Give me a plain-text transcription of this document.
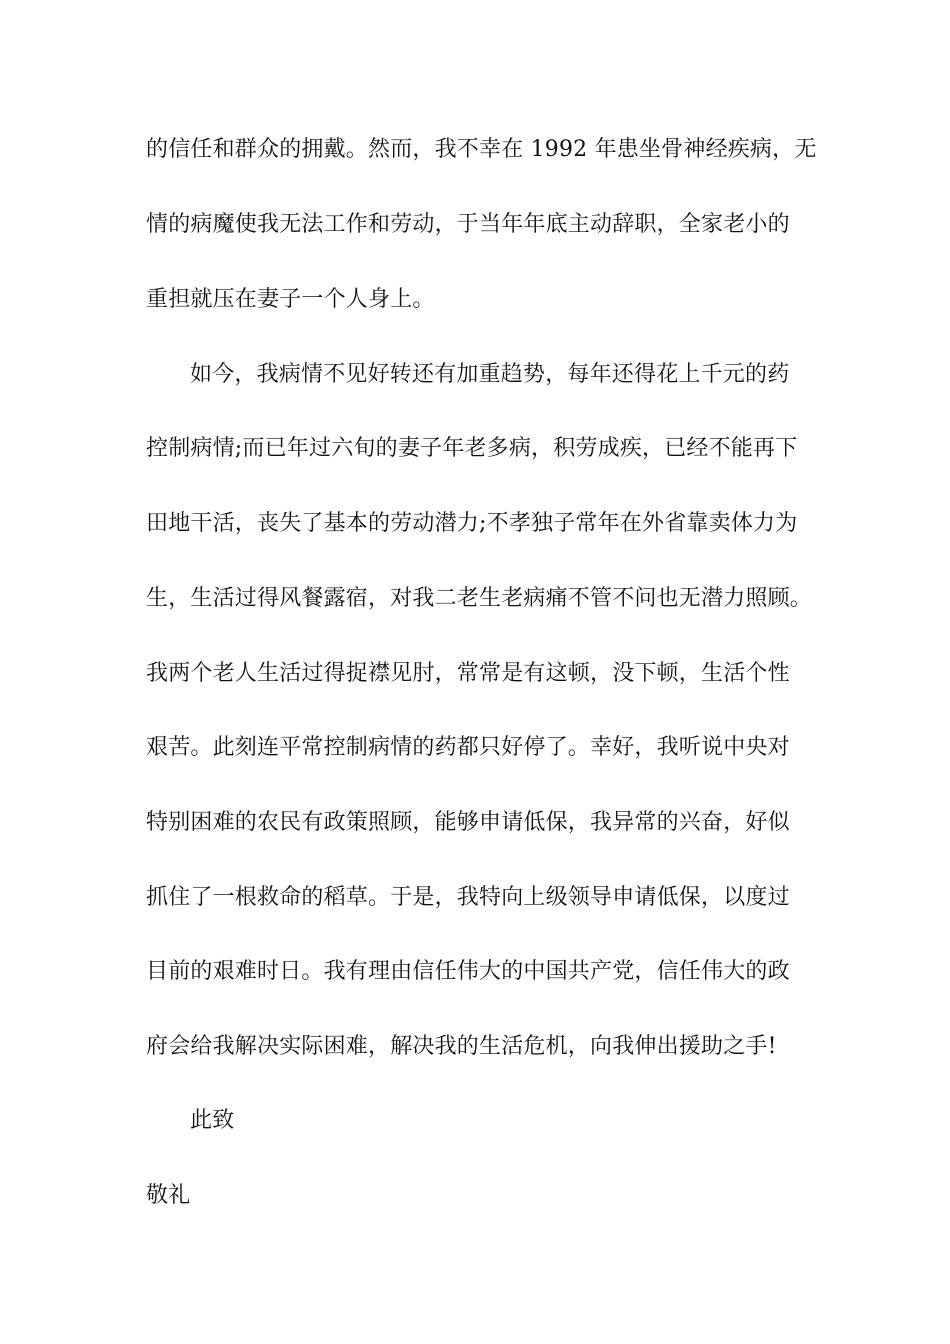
的信任和群众的拥戴。然而，我不幸在 1992 年患坐骨神经疾病，无
情的病魔使我无法工作和劳动，于当年年底主动辞职，全家老小的
重担就压在妻子一个人身上。
如今，我病情不见好转还有加重趋势，每年还得花上千元的药
控制病情;而已年过六旬的妻子年老多病，积劳成疾，已经不能再下
田地干活，丧失了基本的劳动潜力;不孝独子常年在外省靠卖体力为
生，生活过得风餐露宿，对我二老生老病痛不管不问也无潜力照顾。
我两个老人生活过得捉襟见肘，常常是有这顿，没下顿，生活个性
艰苦。此刻连平常控制病情的药都只好停了。幸好，我听说中央对
特别困难的农民有政策照顾，能够申请低保，我异常的兴奋，好似
抓住了一根救命的稻草。于是，我特向上级领导申请低保，以度过
目前的艰难时日。我有理由信任伟大的中国共产党，信任伟大的政
府会给我解决实际困难，解决我的生活危机，向我伸出援助之手!
此致
敬礼
